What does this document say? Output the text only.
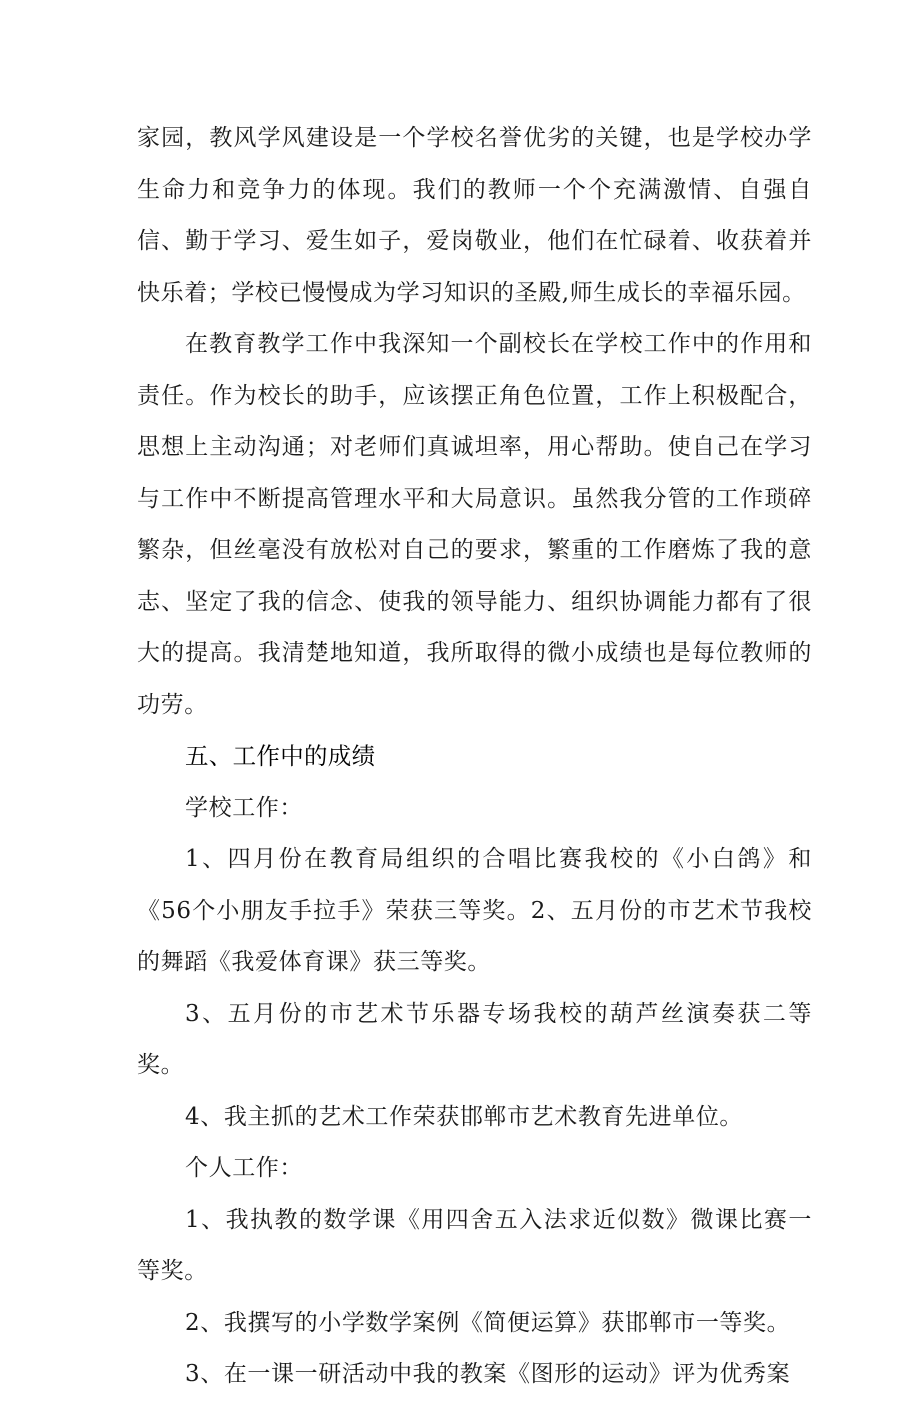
家园，教风学风建设是一个学校名誉优劣的关键，也是学校办学生命力和竞争力的体现。我们的教师一个个充满激情、自强自信、勤于学习、爱生如子，爱岗敬业，他们在忙碌着、收获着并快乐着；学校已慢慢成为学习知识的圣殿,师生成长的幸福乐园。

在教育教学工作中我深知一个副校长在学校工作中的作用和责任。作为校长的助手，应该摆正角色位置，工作上积极配合，思想上主动沟通；对老师们真诚坦率，用心帮助。使自己在学习与工作中不断提高管理水平和大局意识。虽然我分管的工作琐碎繁杂，但丝毫没有放松对自己的要求，繁重的工作磨炼了我的意志、坚定了我的信念、使我的领导能力、组织协调能力都有了很大的提高。我清楚地知道，我所取得的微小成绩也是每位教师的功劳。

五、工作中的成绩

学校工作：

1、四月份在教育局组织的合唱比赛我校的《小白鸽》和《56个小朋友手拉手》荣获三等奖。2、五月份的市艺术节我校的舞蹈《我爱体育课》获三等奖。

3、五月份的市艺术节乐器专场我校的葫芦丝演奏获二等奖。

4、我主抓的艺术工作荣获邯郸市艺术教育先进单位。

个人工作：

1、我执教的数学课《用四舍五入法求近似数》微课比赛一等奖。

2、我撰写的小学数学案例《简便运算》获邯郸市一等奖。

3、在一课一研活动中我的教案《图形的运动》评为优秀案
